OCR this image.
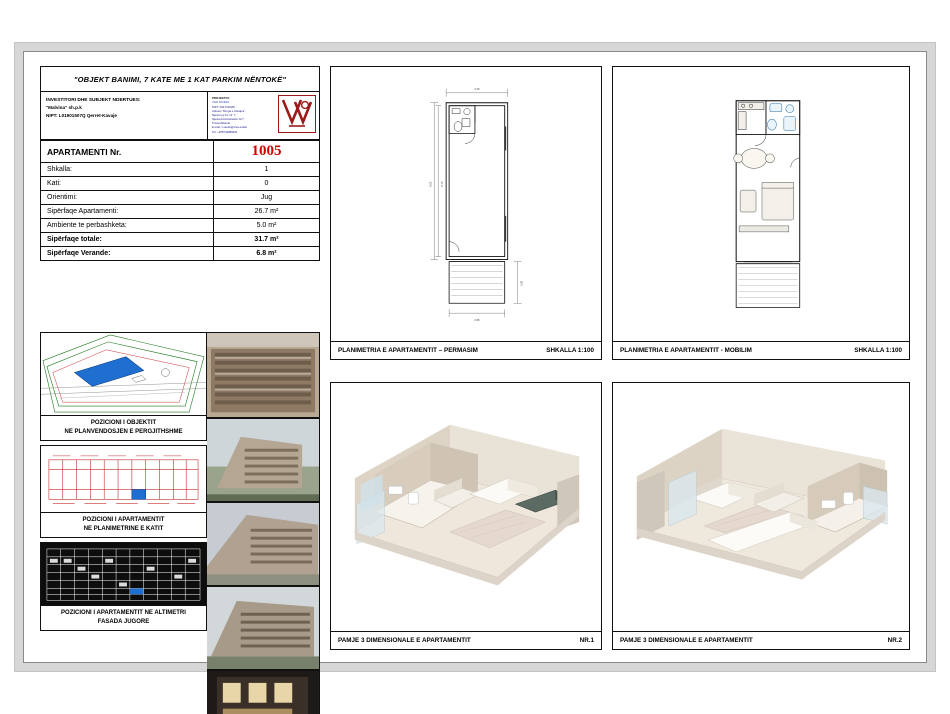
"OBJEKT BANIMI, 7 KATE ME 1 KAT PARKIM NËNTOKË"
INVESTITORI DHE SUBJEKT NDERTUES:
"Malvina" sh.p.k
NIPT: L01901507Q Qerret-Kavaje
PROJEKTOI:
VIVA STUDIO
NIPT: K61723028I
Adresa: "Rruga e Kavajes",
Njesia typ.11, Nr. 7,
Njesia Administrative Nr.7
Tirane/Albania
E-mail: v.studio@viva-studio
Tel: +355743889201
APARTAMENTI Nr.	1005
Shkalla:	1
Kati:	0
Orientimi:	Jug
Sipërfaqe Apartamenti:	26.7 m²
Ambiente te perbashketa:	5.0 m²
Sipërfaqe totale:	31.7 m²
Sipërfaqe Verande:	6.8 m²
POZICIONI I OBJEKTIT
NE PLANVENDOSJEN E PERGJITHSHME
POZICIONI I APARTAMENTIT
NE PLANIMETRINE E KATIT
POZICIONI I APARTAMENTIT NE ALTIMETRI
FASADA JUGORE
3.15
6.05	5.70
2.95
2.35
PLANIMETRIA E APARTAMENTIT – PERMASIM	SHKALLA 1:100	PLANIMETRIA E APARTAMENTIT - MOBILIM	SHKALLA 1:100
PAMJE 3 DIMENSIONALE E APARTAMENTIT	NR.1	PAMJE 3 DIMENSIONALE E APARTAMENTIT	NR.2
